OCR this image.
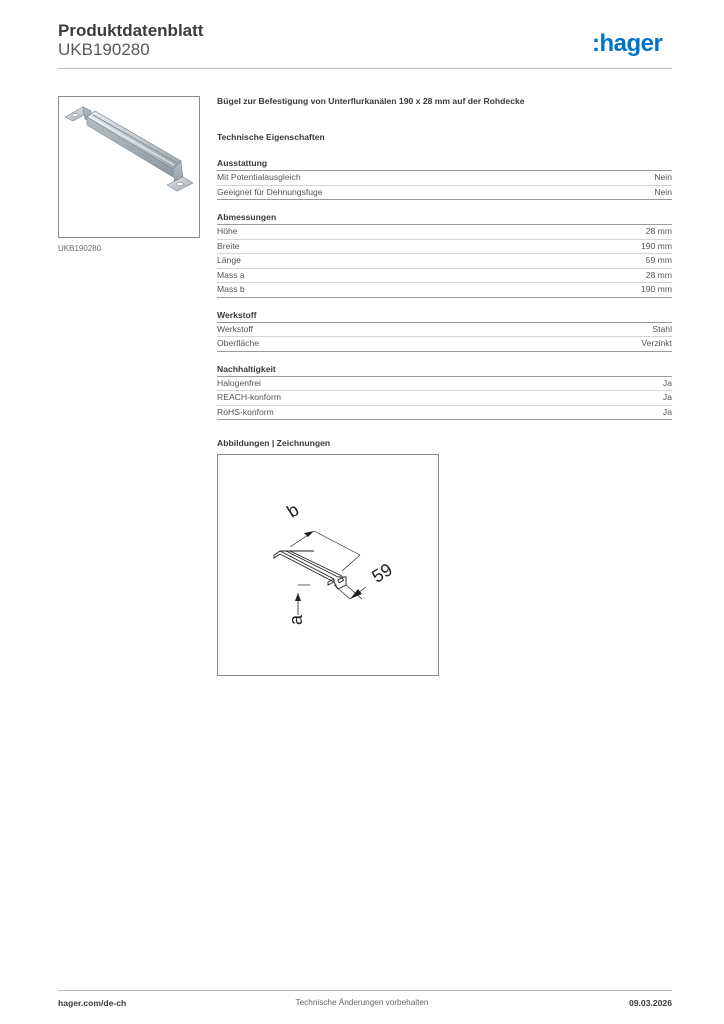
Produktdatenblatt
UKB190280	:hager
UKB190280
Bügel zur Befestigung von Unterflurkanälen 190 x 28 mm auf der Rohdecke
Technische Eigenschaften
Ausstattung
Mit Potentialausgleich	Nein
Geeignet für Dehnungsfuge	Nein
Abmessungen
Höhe	28 mm
Breite	190 mm
Länge	59 mm
Mass a	28 mm
Mass b	190 mm
Werkstoff
Werkstoff	Stahl
Oberfläche	Verzinkt
Nachhaltigkeit
Halogenfrei	Ja
REACH-konform	Ja
RoHS-konform	Ja
Abbildungen | Zeichnungen
b
59
a
hager.com/de-ch	Technische Änderungen vorbehalten	09.03.2026
